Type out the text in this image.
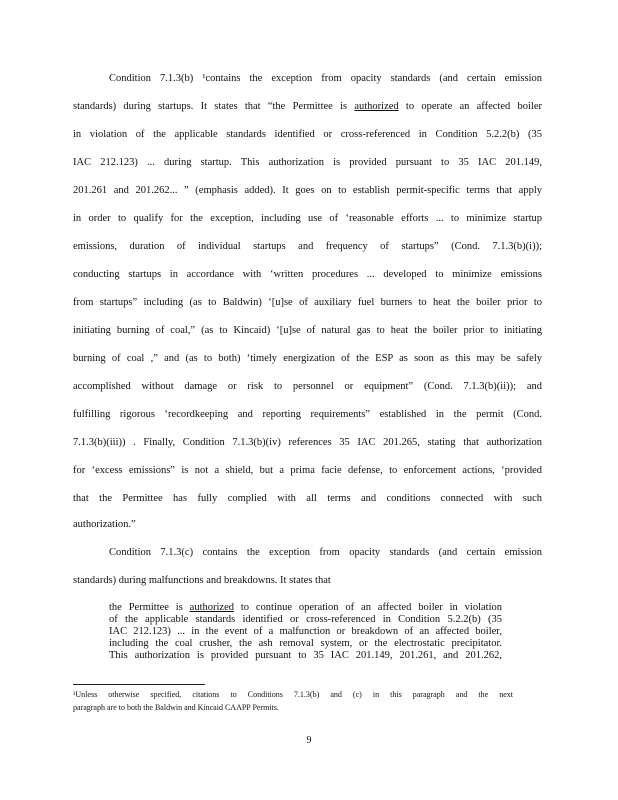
Condition 7.1.3(b) ¹contains the exception from opacity standards (and certain emission

standards) during startups. It states that “the Permittee is authorized to operate an affected boiler

in violation of the applicable standards identified or cross-referenced in Condition 5.2.2(b) (35

IAC 212.123) ... during startup. This authorization is provided pursuant to 35 IAC 201.149,

201.261 and 201.262... ” (emphasis added). It goes on to establish permit-specific terms that apply

in order to qualify for the exception, including use of ‘reasonable efforts ... to minimize startup

emissions, duration of individual startups and frequency of startups” (Cond. 7.1.3(b)(i));

conducting startups in accordance with ‘written procedures ... developed to minimize emissions

from startups” including (as to Baldwin) ‘[u]se of auxiliary fuel burners to heat the boiler prior to

initiating burning of coal,” (as to Kincaid) ‘[u]se of natural gas to heat the boiler prior to initiating

burning of coal ,” and (as to both) ‘timely energization of the ESP as soon as this may be safely

accomplished without damage or risk to personnel or equipment” (Cond. 7.1.3(b)(ii)); and

fulfilling rigorous ‘recordkeeping and reporting requirements” established in the permit (Cond.

7.1.3(b)(iii)) . Finally, Condition 7.1.3(b)(iv) references 35 IAC 201.265, stating that authorization

for ‘excess emissions” is not a shield, but a prima facie defense, to enforcement actions, ‘provided

that the Permittee has fully complied with all terms and conditions connected with such

authorization.”

Condition 7.1.3(c) contains the exception from opacity standards (and certain emission

standards) during malfunctions and breakdowns. It states that

the Permittee is authorized to continue operation of an affected boiler in violation

of the applicable standards identified or cross-referenced in Condition 5.2.2(b) (35

IAC 212.123) ... in the event of a malfunction or breakdown of an affected boiler,

including the coal crusher, the ash removal system, or the electrostatic precipitator.

This authorization is provided pursuant to 35 IAC 201.149, 201.261, and 201.262,

¹Unless otherwise specified, citations to Conditions 7.1.3(b) and (c) in this paragraph and the next

paragraph are to both the Baldwin and Kincaid CAAPP Permits.

9
